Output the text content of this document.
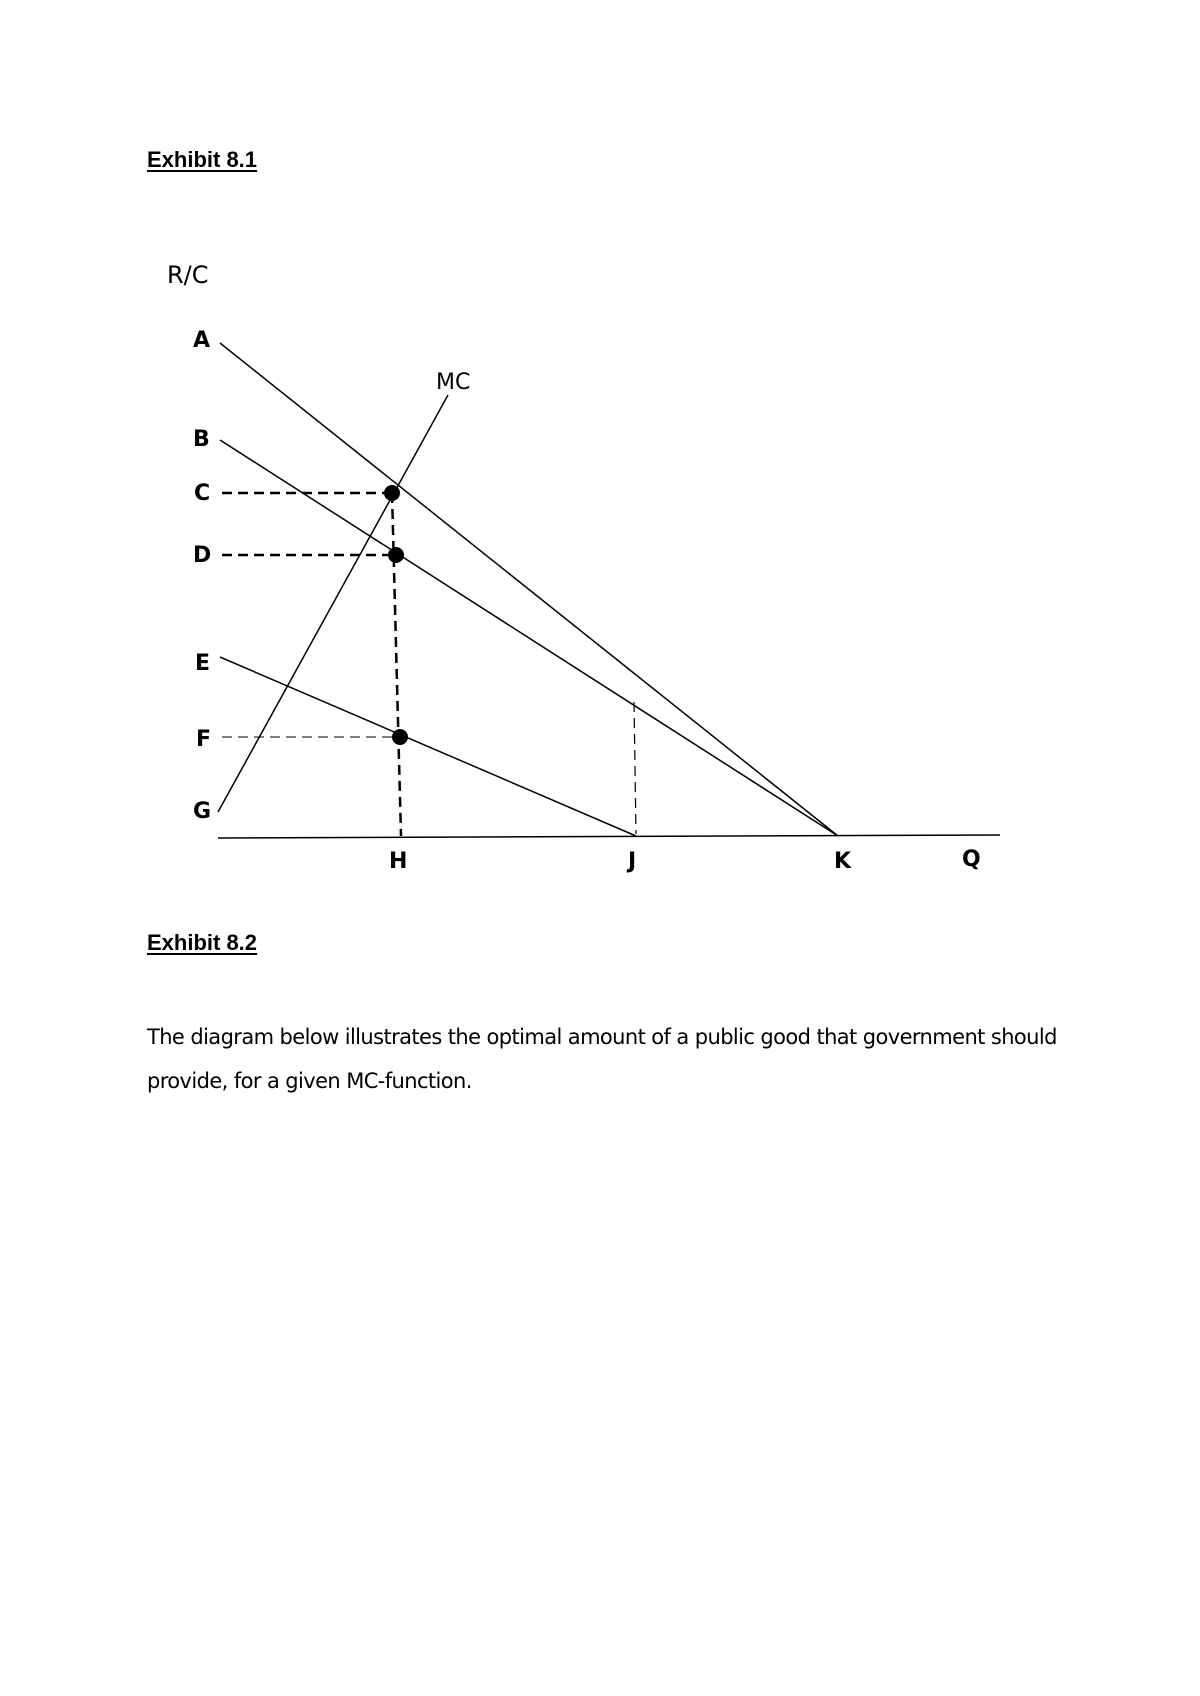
Exhibit 8.1
R/C
Q
MC
A
B
C
D
E
F
G
H	J	K
Exhibit 8.2

The diagram below illustrates the optimal amount of a public good that government should provide, for a given MC-function.
